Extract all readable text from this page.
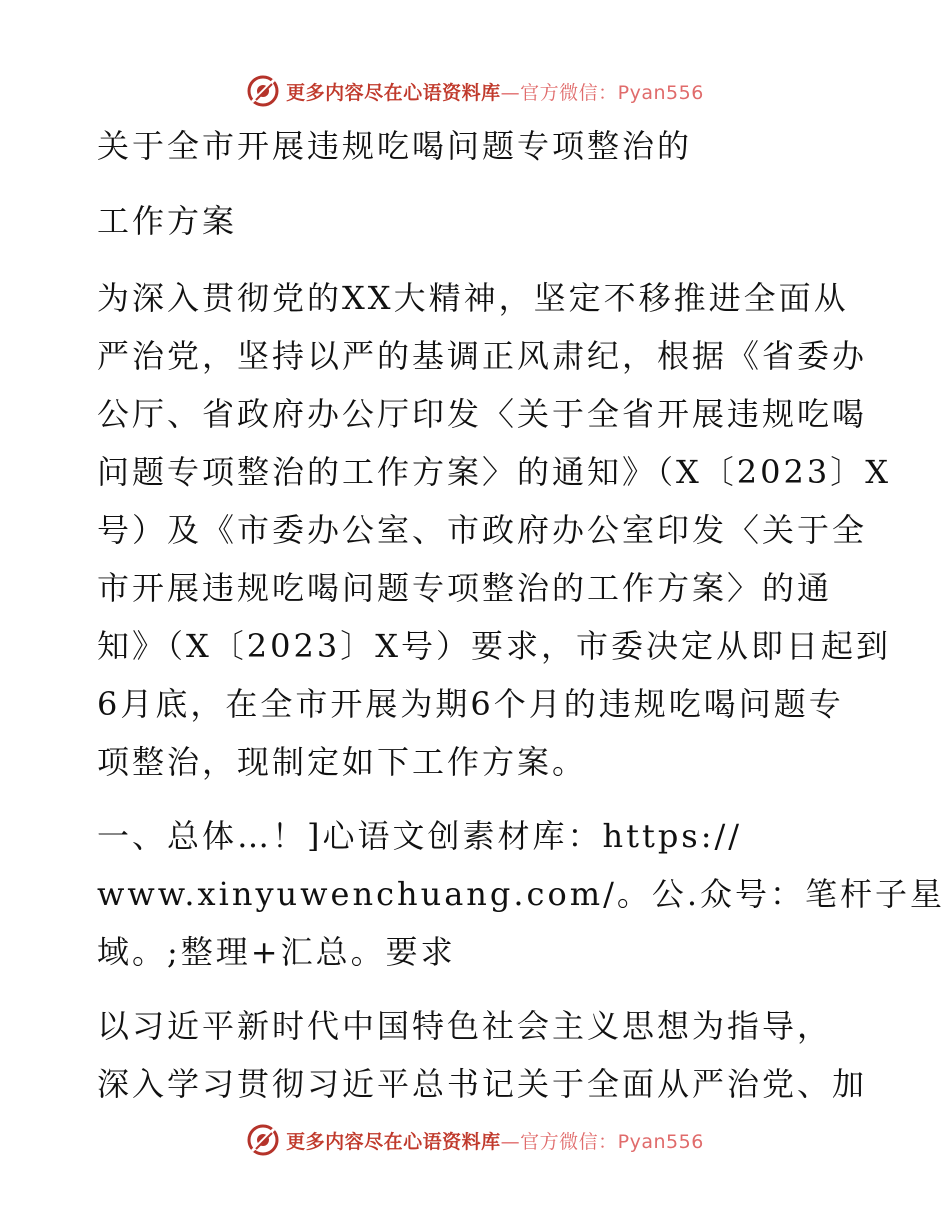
更多内容尽在心语资料库—官方微信：Pyan556
关于全市开展违规吃喝问题专项整治的
工作方案
为深入贯彻党的XX大精神，坚定不移推进全面从
严治党，坚持以严的基调正风肃纪，根据《省委办
公厅、省政府办公厅印发〈关于全省开展违规吃喝
问题专项整治的工作方案〉的通知》（X〔2023〕X
号）及《市委办公室、市政府办公室印发〈关于全
市开展违规吃喝问题专项整治的工作方案〉的通
知》（X〔2023〕X号）要求，市委决定从即日起到
6月底，在全市开展为期6个月的违规吃喝问题专
项整治，现制定如下工作方案。
一、总体…！]心语文创素材库：https://
www.xinyuwenchuang.com/。公.众号：笔杆子星
域。;整理+汇总。要求
以习近平新时代中国特色社会主义思想为指导，
深入学习贯彻习近平总书记关于全面从严治党、加
更多内容尽在心语资料库—官方微信：Pyan556
